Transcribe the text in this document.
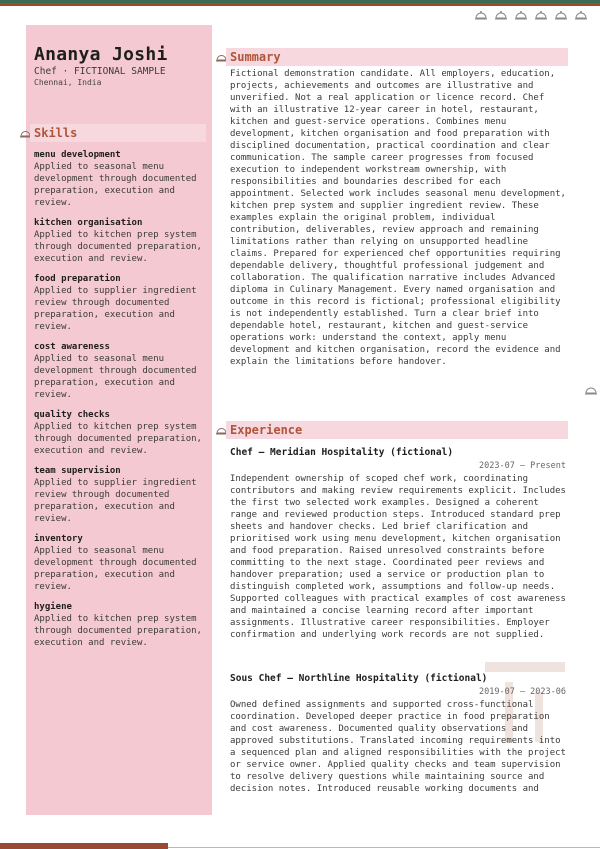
Ananya Joshi
Chef · FICTIONAL SAMPLE
Chennai, India
Skills
menu development
Applied to seasonal menu development through documented preparation, execution and review.
kitchen organisation
Applied to kitchen prep system through documented preparation, execution and review.
food preparation
Applied to supplier ingredient review through documented preparation, execution and review.
cost awareness
Applied to seasonal menu development through documented preparation, execution and review.
quality checks
Applied to kitchen prep system through documented preparation, execution and review.
team supervision
Applied to supplier ingredient review through documented preparation, execution and review.
inventory
Applied to seasonal menu development through documented preparation, execution and review.
hygiene
Applied to kitchen prep system through documented preparation, execution and review.
Summary
Fictional demonstration candidate. All employers, education, projects, achievements and outcomes are illustrative and unverified. Not a real application or licence record. Chef with an illustrative 12-year career in hotel, restaurant, kitchen and guest-service operations. Combines menu development, kitchen organisation and food preparation with disciplined documentation, practical coordination and clear communication. The sample career progresses from focused execution to independent workstream ownership, with responsibilities and boundaries described for each appointment. Selected work includes seasonal menu development, kitchen prep system and supplier ingredient review. These examples explain the original problem, individual contribution, deliverables, review approach and remaining limitations rather than relying on unsupported headline claims. Prepared for experienced chef opportunities requiring dependable delivery, thoughtful professional judgement and collaboration. The qualification narrative includes Advanced diploma in Culinary Management. Every named organisation and outcome in this record is fictional; professional eligibility is not independently established. Turn a clear brief into dependable hotel, restaurant, kitchen and guest-service operations work: understand the context, apply menu development and kitchen organisation, record the evidence and explain the limitations before handover.
Experience
Chef — Meridian Hospitality (fictional)
2023-07 – Present
Independent ownership of scoped chef work, coordinating contributors and making review requirements explicit. Includes the first two selected work examples. Designed a coherent range and reviewed production steps. Introduced standard prep sheets and handover checks. Led brief clarification and prioritised work using menu development, kitchen organisation and food preparation. Raised unresolved constraints before committing to the next stage. Coordinated peer reviews and handover preparation; used a service or production plan to distinguish completed work, assumptions and follow-up needs. Supported colleagues with practical examples of cost awareness and maintained a concise learning record after important assignments. Illustrative career responsibilities. Employer confirmation and underlying work records are not supplied.
Sous Chef — Northline Hospitality (fictional)
2019-07 – 2023-06
Owned defined assignments and supported cross-functional coordination. Developed deeper practice in food preparation and cost awareness. Documented quality observations and approved substitutions. Translated incoming requirements into a sequenced plan and aligned responsibilities with the project or service owner. Applied quality checks and team supervision to resolve delivery questions while maintaining source and decision notes. Introduced reusable working documents and
